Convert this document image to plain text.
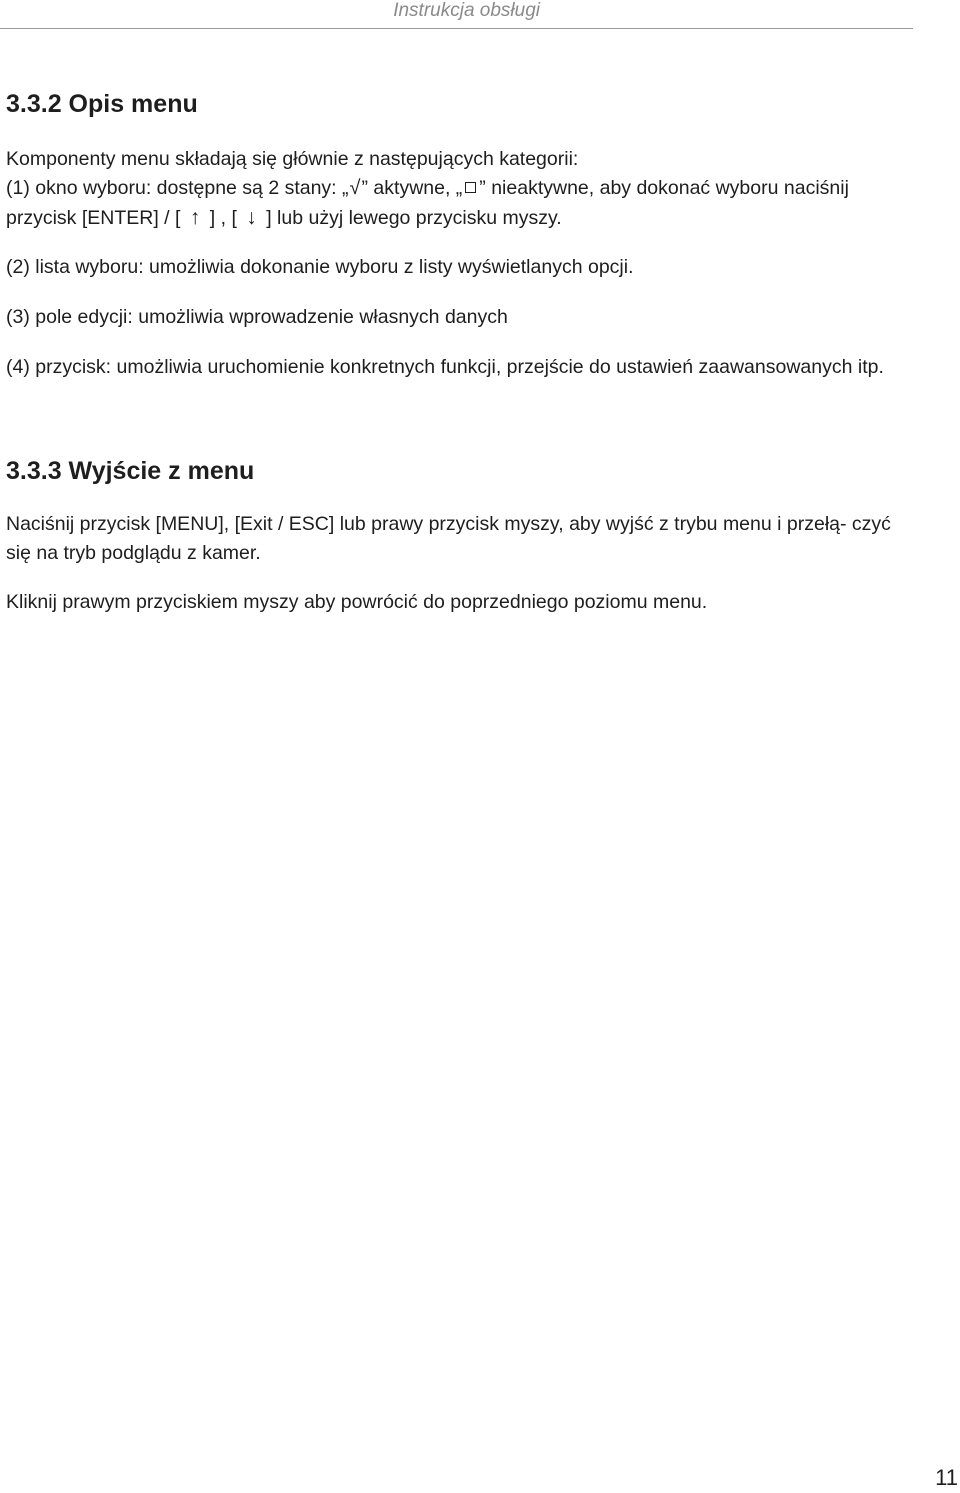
Instrukcja obsługi
3.3.2 Opis menu

Komponenty menu składają się głównie z następujących kategorii:
(1) okno wyboru: dostępne są 2 stany: „√” aktywne, „ ” nieaktywne, aby dokonać wyboru naciśnij przycisk [ENTER] / [ ↑ ] , [ ↓ ] lub użyj lewego przycisku myszy.

(2) lista wyboru: umożliwia dokonanie wyboru z listy wyświetlanych opcji.

(3) pole edycji: umożliwia wprowadzenie własnych danych

(4) przycisk: umożliwia uruchomienie konkretnych funkcji, przejście do ustawień zaawansowanych itp.

3.3.3 Wyjście z menu

Naciśnij przycisk [MENU], [Exit / ESC] lub prawy przycisk myszy, aby wyjść z trybu menu i przełą- czyć się na tryb podglądu z kamer.

Kliknij prawym przyciskiem myszy aby powrócić do poprzedniego poziomu menu.

11
